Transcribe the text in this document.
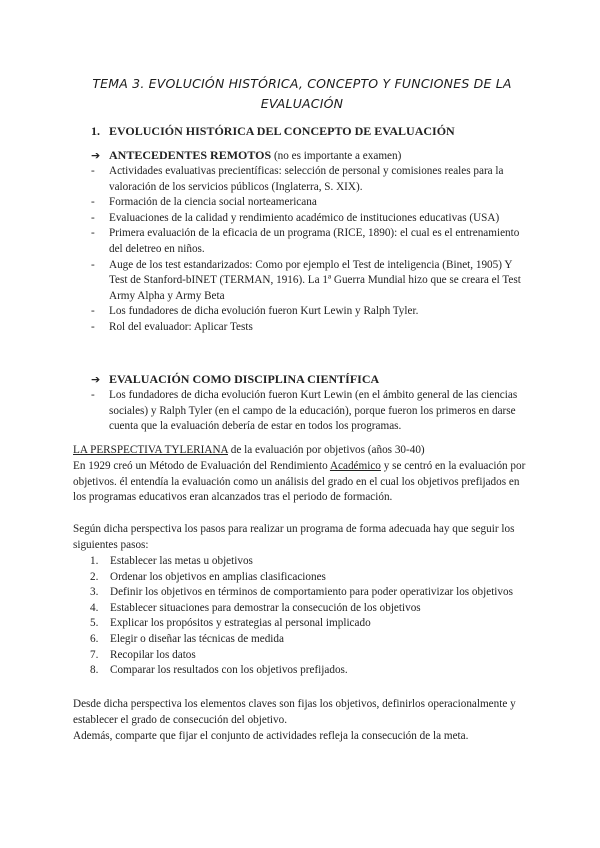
TEMA 3. EVOLUCIÓN HISTÓRICA, CONCEPTO Y FUNCIONES DE LA
EVALUACIÓN
1. EVOLUCIÓN HISTÓRICA DEL CONCEPTO DE EVALUACIÓN
➔ ANTECEDENTES REMOTOS (no es importante a examen)
- Actividades evaluativas precientíficas: selección de personal y comisiones reales para la valoración de los servicios públicos (Inglaterra, S. XIX).
- Formación de la ciencia social norteamericana
- Evaluaciones de la calidad y rendimiento académico de instituciones educativas (USA)
- Primera evaluación de la eficacia de un programa (RICE, 1890): el cual es el entrenamiento del deletreo en niños.
- Auge de los test estandarizados: Como por ejemplo el Test de inteligencia (Binet, 1905) Y Test de Stanford-bINET (TERMAN, 1916). La 1ª Guerra Mundial hizo que se creara el Test Army Alpha y Army Beta
- Los fundadores de dicha evolución fueron Kurt Lewin y Ralph Tyler.
- Rol del evaluador: Aplicar Tests
➔ EVALUACIÓN COMO DISCIPLINA CIENTÍFICA
- Los fundadores de dicha evolución fueron Kurt Lewin (en el ámbito general de las ciencias sociales) y Ralph Tyler (en el campo de la educación), porque fueron los primeros en darse cuenta que la evaluación debería de estar en todos los programas.
LA PERSPECTIVA TYLERIANA de la evaluación por objetivos (años 30-40)
En 1929 creó un Método de Evaluación del Rendimiento Académico y se centró en la evaluación por objetivos. él entendía la evaluación como un análisis del grado en el cual los objetivos prefijados en los programas educativos eran alcanzados tras el periodo de formación.
Según dicha perspectiva los pasos para realizar un programa de forma adecuada hay que seguir los siguientes pasos:
1. Establecer las metas u objetivos
2. Ordenar los objetivos en amplias clasificaciones
3. Definir los objetivos en términos de comportamiento para poder operativizar los objetivos
4. Establecer situaciones para demostrar la consecución de los objetivos
5. Explicar los propósitos y estrategias al personal implicado
6. Elegir o diseñar las técnicas de medida
7. Recopilar los datos
8. Comparar los resultados con los objetivos prefijados.
Desde dicha perspectiva los elementos claves son fijas los objetivos, definirlos operacionalmente y establecer el grado de consecución del objetivo.
Además, comparte que fijar el conjunto de actividades refleja la consecución de la meta.
